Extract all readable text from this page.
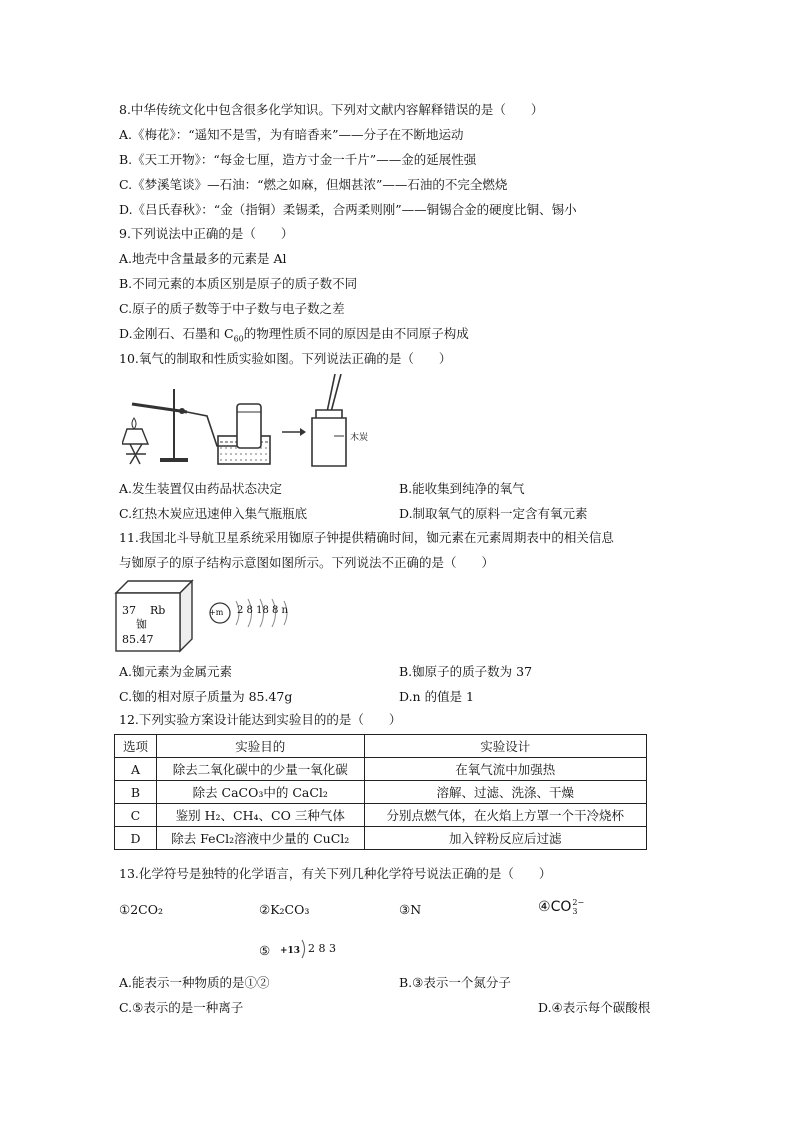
8.中华传统文化中包含很多化学知识。下列对文献内容解释错误的是（　　）
A.《梅花》：“遥知不是雪，为有暗香来”——分子在不断地运动
B.《天工开物》：“每金七厘，造方寸金一千片”——金的延展性强
C.《梦溪笔谈》—石油：“燃之如麻，但烟甚浓”——石油的不完全燃烧
D.《吕氏春秋》：“金（指铜）柔锡柔，合两柔则刚”——铜锡合金的硬度比铜、锡小
9.下列说法中正确的是（　　）
A.地壳中含量最多的元素是 Al
B.不同元素的本质区别是原子的质子数不同
C.原子的质子数等于中子数与电子数之差
D.金刚石、石墨和 $C_{60}$的物理性质不同的原因是由不同原子构成
10.氧气的制取和性质实验如图。下列说法正确的是（　　）
木炭
A.发生装置仅由药品状态决定	B.能收集到纯净的氧气
C.红热木炭应迅速伸入集气瓶瓶底	D.制取氧气的原料一定含有氧元素
11.我国北斗导航卫星系统采用铷原子钟提供精确时间，铷元素在元素周期表中的相关信息
与铷原子的原子结构示意图如图所示。下列说法不正确的是（　　）
37 Rb
铷
85.47
+m 2 8 18 8 n
A.铷元素为金属元素	B.铷原子的质子数为 37
C.铷的相对原子质量为 85.47g	D.n 的值是 1
12.下列实验方案设计能达到实验目的的是（　　）
选项	实验目的	实验设计
A	除去二氧化碳中的少量一氧化碳	在氧气流中加强热
B	除去 CaCO₃中的 CaCl₂	溶解、过滤、洗涤、干燥
C	鉴别 H₂、CH₄、CO 三种气体	分别点燃气体，在火焰上方罩一个干冷烧杯
D	除去 FeCl₂溶液中少量的 CuCl₂	加入锌粉反应后过滤
13.化学符号是独特的化学语言，有关下列几种化学符号说法正确的是（　　）
①2CO₂	②K₂CO₃	③N	④CO 2−
3
⑤ +13 2 8 3
A.能表示一种物质的是①②	B.③表示一个氮分子
C.⑤表示的是一种离子	D.④表示每个碳酸根
